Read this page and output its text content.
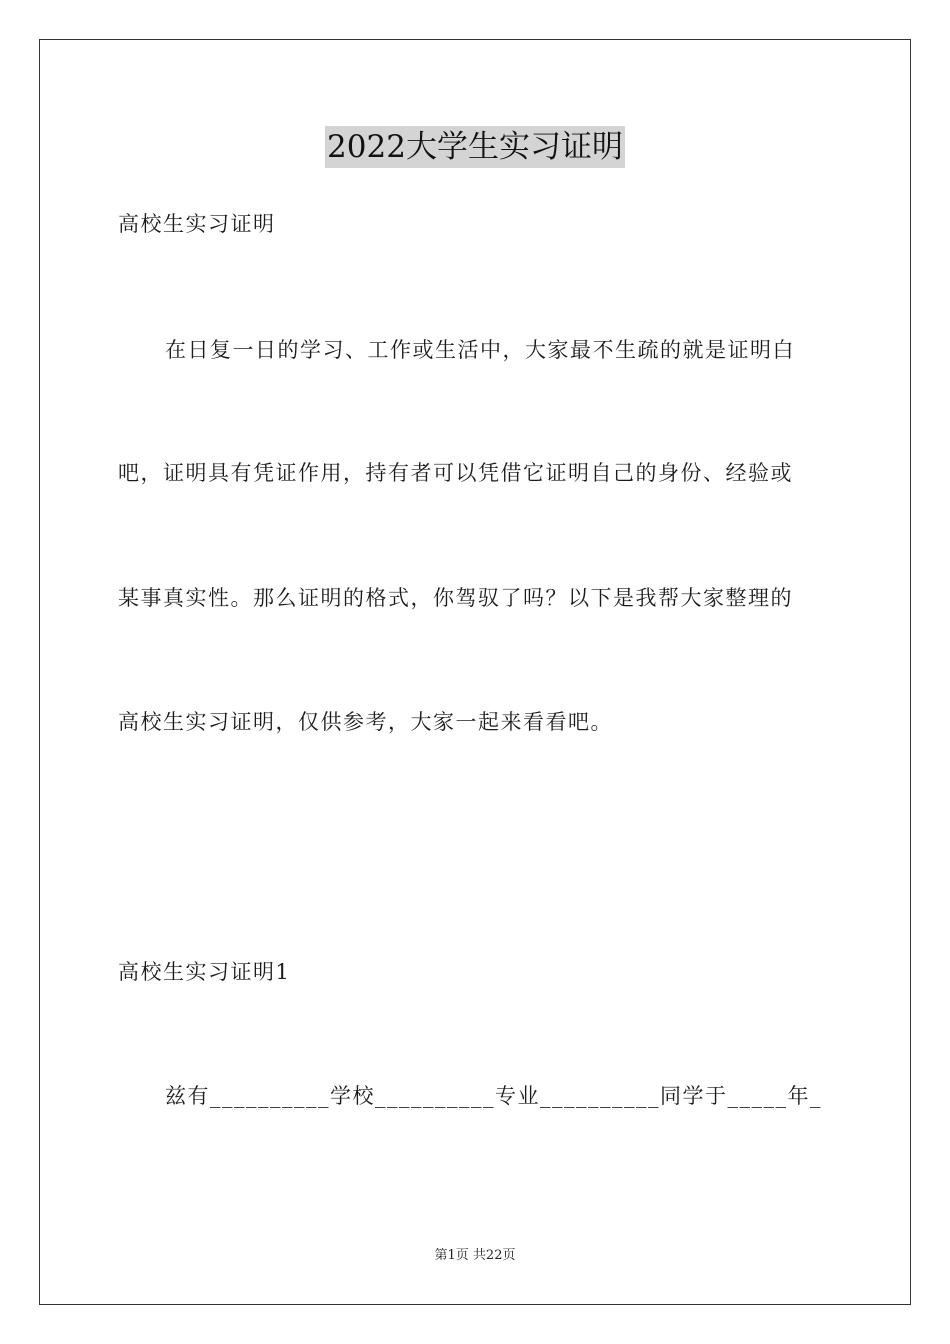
2022大学生实习证明
高校生实习证明
在日复一日的学习、工作或生活中，大家最不生疏的就是证明白
吧，证明具有凭证作用，持有者可以凭借它证明自己的身份、经验或
某事真实性。那么证明的格式，你驾驭了吗？以下是我帮大家整理的
高校生实习证明，仅供参考，大家一起来看看吧。
高校生实习证明1
兹有__________学校__________专业__________同学于_____年_
第1页 共22页
